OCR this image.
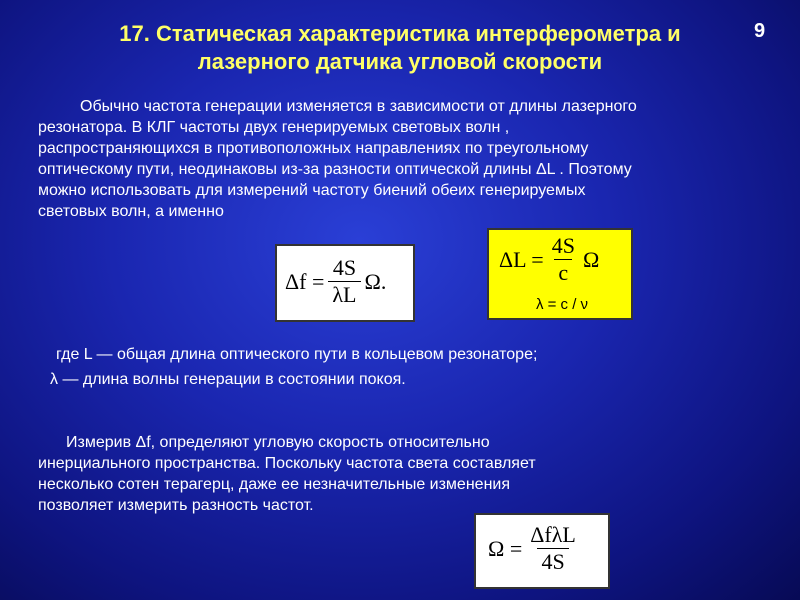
9
17. Статическая характеристика интерферометра и
лазерного датчика угловой скорости
Обычно частота генерации изменяется в зависимости от длины лазерного
резонатора. В КЛГ частоты двух генерируемых световых волн ,
распространяющихся в противоположных направлениях по треугольному
оптическому пути, неодинаковы из-за разности оптической длины ΔL . Поэтому
можно использовать для измерений частоту биений обеих генерируемых
световых волн, а именно
$\Delta f = \frac{4S}{\lambda L} \Omega$.
$\Delta L = \frac{4S}{c}$ Ω
λ = c / ν
где L — общая длина оптического пути в кольцевом резонаторе;
λ — длина волны генерации в состоянии покоя.
Измерив Δf, определяют угловую скорость относительно
инерциального пространства. Поскольку частота света составляет
несколько сотен терагерц, даже ее незначительные изменения
позволяет измерить разность частот.
$\Omega = \frac{\text{ΔfλL}}{4S}$
